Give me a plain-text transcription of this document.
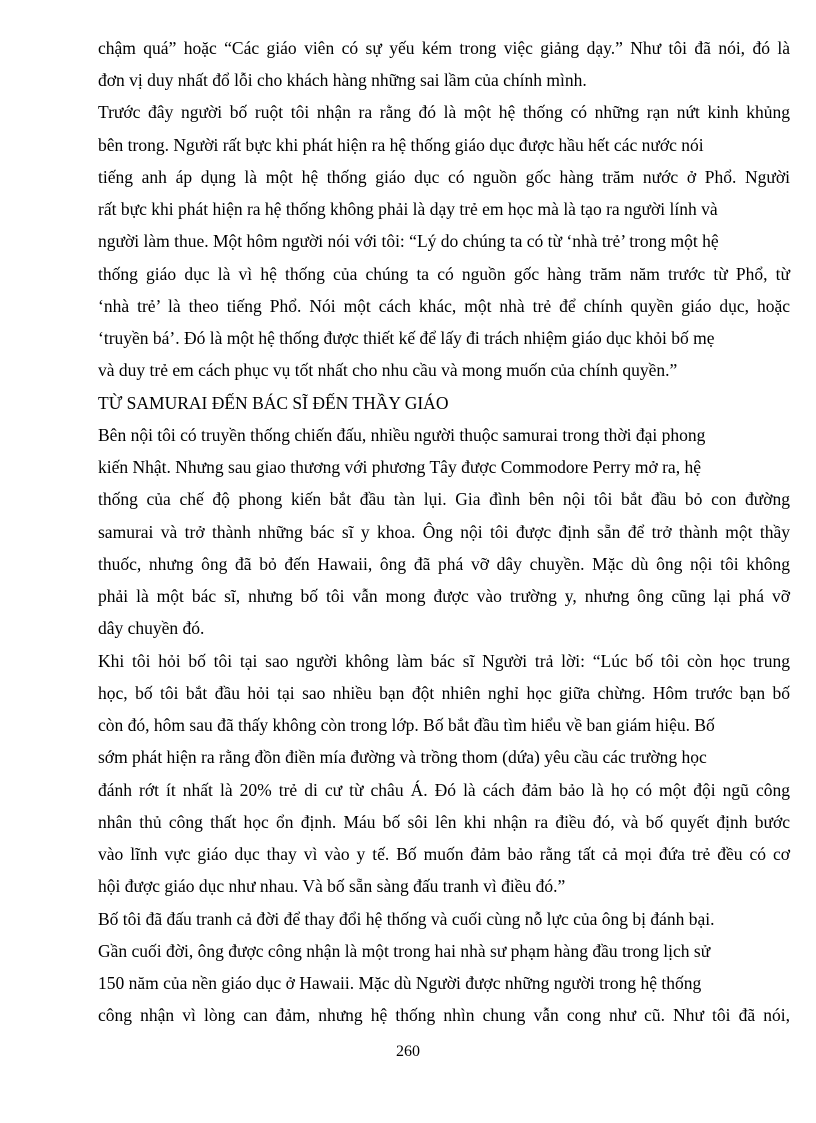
chậm quá” hoặc “Các giáo viên có sự yếu kém trong việc giảng dạy.” Như tôi đã nói, đó là
đơn vị duy nhất đổ lỗi cho khách hàng những sai lầm của chính mình.
Trước đây người bố ruột tôi nhận ra rằng đó là một hệ thống có những rạn nứt kinh khủng
bên trong. Người rất bực khi phát hiện ra hệ thống giáo dục được hầu hết các nước nói
tiếng anh áp dụng là một hệ thống giáo dục có nguồn gốc hàng trăm nước ở Phổ. Người
rất bực khi phát hiện ra hệ thống không phải là dạy trẻ em học mà là tạo ra người lính và
người làm thue. Một hôm người nói với tôi: “Lý do chúng ta có từ ‘nhà trẻ’ trong một hệ
thống giáo dục là vì hệ thống của chúng ta có nguồn gốc hàng trăm năm trước từ Phổ, từ
‘nhà trẻ’ là theo tiếng Phổ. Nói một cách khác, một nhà trẻ để chính quyền giáo dục, hoặc
‘truyền bá’. Đó là một hệ thống được thiết kế để lấy đi trách nhiệm giáo dục khỏi bố mẹ
và duy trẻ em cách phục vụ tốt nhất cho nhu cầu và mong muốn của chính quyền.”
TỪ SAMURAI ĐẾN BÁC SĨ ĐẾN THẦY GIÁO
Bên nội tôi có truyền thống chiến đấu, nhiều người thuộc samurai trong thời đại phong
kiến Nhật. Nhưng sau giao thương với phương Tây được Commodore Perry mở ra, hệ
thống của chế độ phong kiến bắt đầu tàn lụi. Gia đình bên nội tôi bắt đầu bỏ con đường
samurai và trở thành những bác sĩ y khoa. Ông nội tôi được định sẵn để trở thành một thầy
thuốc, nhưng ông đã bỏ đến Hawaii, ông đã phá vỡ dây chuyền. Mặc dù ông nội tôi không
phải là một bác sĩ, nhưng bố tôi vẫn mong được vào trường y, nhưng ông cũng lại phá vỡ
dây chuyền đó.
Khi tôi hỏi bố tôi tại sao người không làm bác sĩ Người trả lời: “Lúc bố tôi còn học trung
học, bố tôi bắt đầu hỏi tại sao nhiều bạn đột nhiên nghỉ học giữa chừng. Hôm trước bạn bố
còn đó, hôm sau đã thấy không còn trong lớp. Bố bắt đầu tìm hiểu về ban giám hiệu. Bố
sớm phát hiện ra rằng đồn điền mía đường và trồng thom (dứa) yêu cầu các trường học
đánh rớt ít nhất là 20% trẻ di cư từ châu Á. Đó là cách đảm bảo là họ có một đội ngũ công
nhân thủ công thất học ổn định. Máu bố sôi lên khi nhận ra điều đó, và bố quyết định bước
vào lĩnh vực giáo dục thay vì vào y tế. Bố muốn đảm bảo rằng tất cả mọi đứa trẻ đều có cơ
hội được giáo dục như nhau. Và bố sẵn sàng đấu tranh vì điều đó.”
Bố tôi đã đấu tranh cả đời để thay đổi hệ thống và cuối cùng nỗ lực của ông bị đánh bại.
Gần cuối đời, ông được công nhận là một trong hai nhà sư phạm hàng đầu trong lịch sử
150 năm của nền giáo dục ở Hawaii. Mặc dù Người được những người trong hệ thống
công nhận vì lòng can đảm, nhưng hệ thống nhìn chung vẫn cong như cũ. Như tôi đã nói,
260
